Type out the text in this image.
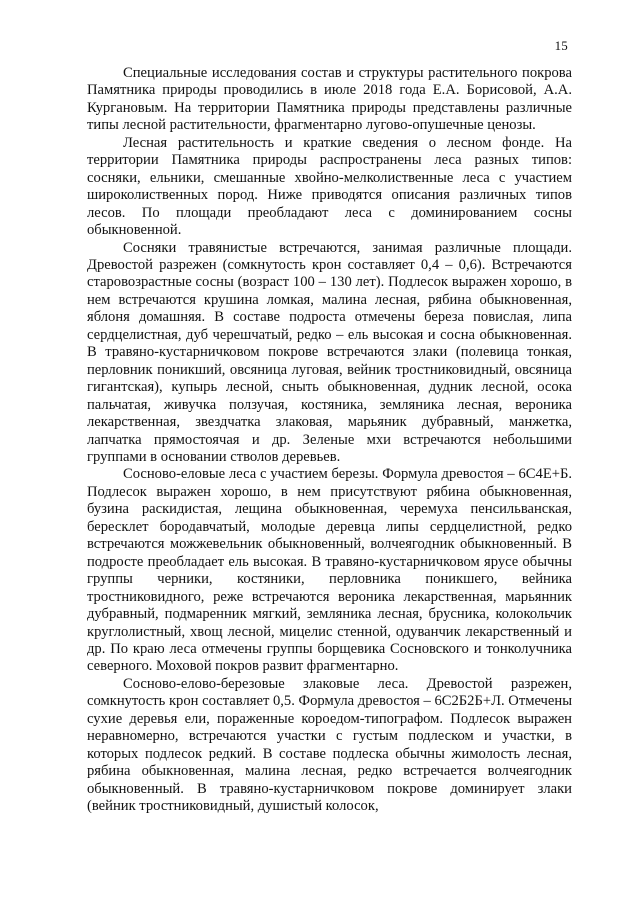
15

Специальные исследования состав и структуры растительного покрова Памятника природы проводились в июле 2018 года Е.А. Борисовой, А.А. Кургановым. На территории Памятника природы представлены различные типы лесной растительности, фрагментарно лугово-опушечные ценозы.

Лесная растительность и краткие сведения о лесном фонде. На территории Памятника природы распространены леса разных типов: сосняки, ельники, смешанные хвойно-мелколиственные леса с участием широколиственных пород. Ниже приводятся описания различных типов лесов. По площади преобладают леса с доминированием сосны обыкновенной.

Сосняки травянистые встречаются, занимая различные площади. Древостой разрежен (сомкнутость крон составляет 0,4 – 0,6). Встречаются старовозрастные сосны (возраст 100 – 130 лет). Подлесок выражен хорошо, в нем встречаются крушина ломкая, малина лесная, рябина обыкновенная, яблоня домашняя. В составе подроста отмечены береза повислая, липа сердцелистная, дуб черешчатый, редко – ель высокая и сосна обыкновенная. В травяно-кустарничковом покрове встречаются злаки (полевица тонкая, перловник поникший, овсяница луговая, вейник тростниковидный, овсяница гигантская), купырь лесной, сныть обыкновенная, дудник лесной, осока пальчатая, живучка ползучая, костяника, земляника лесная, вероника лекарственная, звездчатка злаковая, марьяник дубравный, манжетка, лапчатка прямостоячая и др. Зеленые мхи встречаются небольшими группами в основании стволов деревьев.

Сосново-еловые леса с участием березы. Формула древостоя – 6С4Е+Б. Подлесок выражен хорошо, в нем присутствуют рябина обыкновенная, бузина раскидистая, лещина обыкновенная, черемуха пенсильванская, бересклет бородавчатый, молодые деревца липы сердцелистной, редко встречаются можжевельник обыкновенный, волчеягодник обыкновенный. В подросте преобладает ель высокая. В травяно-кустарничковом ярусе обычны группы черники, костяники, перловника поникшего, вейника тростниковидного, реже встречаются вероника лекарственная, марьянник дубравный, подмаренник мягкий, земляника лесная, брусника, колокольчик круглолистный, хвощ лесной, мицелис стенной, одуванчик лекарственный и др. По краю леса отмечены группы борщевика Сосновского и тонколучника северного. Моховой покров развит фрагментарно.

Сосново-елово-березовые злаковые леса. Древостой разрежен, сомкнутость крон составляет 0,5. Формула древостоя – 6С2Б2Б+Л. Отмечены сухие деревья ели, пораженные короедом-типографом. Подлесок выражен неравномерно, встречаются участки с густым подлеском и участки, в которых подлесок редкий. В составе подлеска обычны жимолость лесная, рябина обыкновенная, малина лесная, редко встречается волчеягодник обыкновенный. В травяно-кустарничковом покрове доминирует злаки (вейник тростниковидный, душистый колосок,
